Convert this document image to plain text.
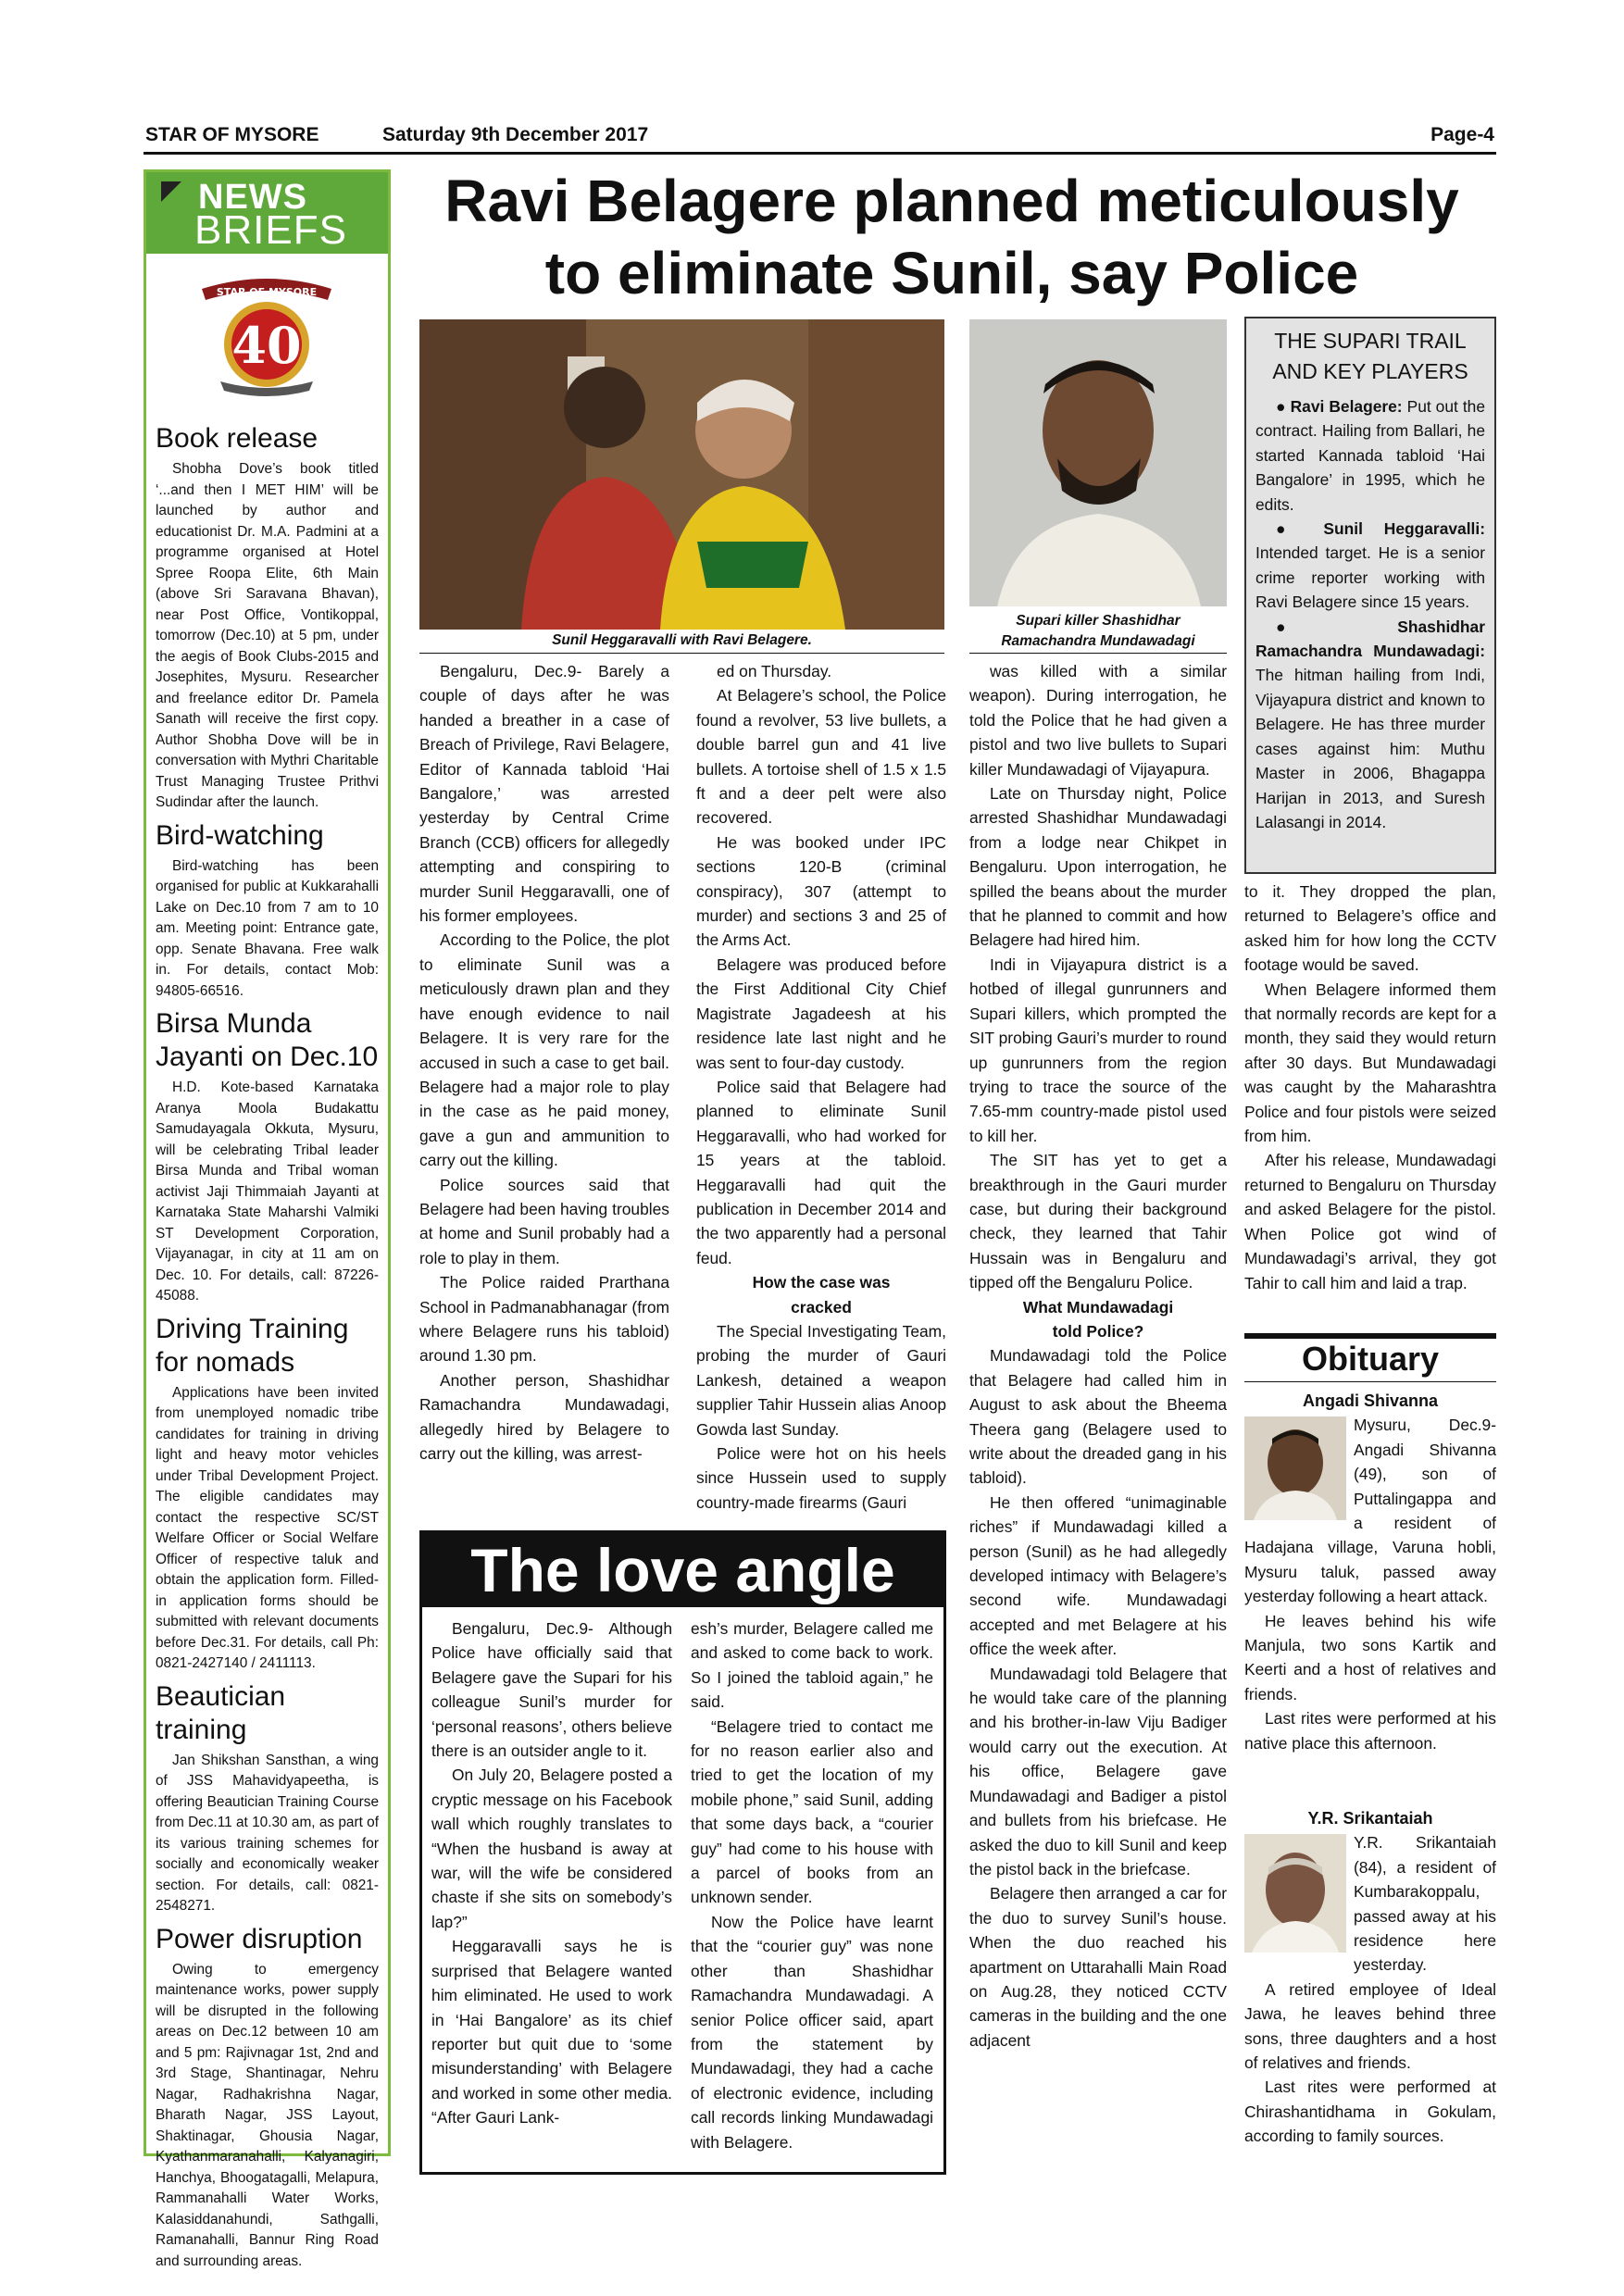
STAR OF MYSORE	Saturday 9th December 2017	Page-4
NEWS
BRIEFS
STAR OF MYSORE
40
Book release

Shobha Dove’s book titled ‘...and then I MET HIM’ will be launched by author and educationist Dr. M.A. Padmini at a programme organised at Hotel Spree Roopa Elite, 6th Main (above Sri Saravana Bhavan), near Post Office, Vontikoppal, tomorrow (Dec.10) at 5 pm, under the aegis of Book Clubs-2015 and Josephites, Mysuru. Researcher and freelance editor Dr. Pamela Sanath will receive the first copy. Author Shobha Dove will be in conversation with Mythri Charitable Trust Managing Trustee Prithvi Sudindar after the launch.

Bird-watching

Bird-watching has been organised for public at Kukkarahalli Lake on Dec.10 from 7 am to 10 am. Meeting point: Entrance gate, opp. Senate Bhavana. Free walk in. For details, contact Mob: 94805-66516.

Birsa Munda Jayanti on Dec.10

H.D. Kote-based Karnataka Aranya Moola Budakattu Samudayagala Okkuta, Mysuru, will be celebrating Tribal leader Birsa Munda and Tribal woman activist Jaji Thimmaiah Jayanti at Karnataka State Maharshi Valmiki ST Development Corporation, Vijayanagar, in city at 11 am on Dec. 10. For details, call: 87226-45088.

Driving Training for nomads

Applications have been invited from unemployed nomadic tribe candidates for training in driving light and heavy motor vehicles under Tribal Development Project. The eligible candidates may contact the respective SC/ST Welfare Officer or Social Welfare Officer of respective taluk and obtain the application form. Filled-in application forms should be submitted with relevant documents before Dec.31. For details, call Ph: 0821-2427140 / 2411113.

Beautician training

Jan Shikshan Sansthan, a wing of JSS Mahavidyapeetha, is offering Beautician Training Course from Dec.11 at 10.30 am, as part of its various training schemes for socially and economically weaker section. For details, call: 0821-2548271.

Power disruption

Owing to emergency maintenance works, power supply will be disrupted in the following areas on Dec.12 between 10 am and 5 pm: Rajivnagar 1st, 2nd and 3rd Stage, Shantinagar, Nehru Nagar, Radhakrishna Nagar, Bharath Nagar, JSS Layout, Shaktinagar, Ghousia Nagar, Kyathanmaranahalli, Kalyanagiri, Hanchya, Bhoogatagalli, Melapura, Rammanahalli Water Works, Kalasiddanahundi, Sathgalli, Ramanahalli, Bannur Ring Road and surrounding areas.

Ravi Belagere planned meticulously
to eliminate Sunil, say Police
Sunil Heggaravalli with Ravi Belagere.
Supari killer Shashidhar
Ramachandra Mundawadagi

Bengaluru, Dec.9- Barely a couple of days after he was handed a breather in a case of Breach of Privilege, Ravi Belagere, Editor of Kannada tabloid ‘Hai Bangalore,’ was arrested yesterday by Central Crime Branch (CCB) officers for allegedly attempting and conspiring to murder Sunil Heggaravalli, one of his former employees.

According to the Police, the plot to eliminate Sunil was a meticulously drawn plan and they have enough evidence to nail Belagere. It is very rare for the accused in such a case to get bail. Belagere had a major role to play in the case as he paid money, gave a gun and ammunition to carry out the killing.

Police sources said that Belagere had been having troubles at home and Sunil probably had a role to play in them.

The Police raided Prarthana School in Padmanabhanagar (from where Belagere runs his tabloid) around 1.30 pm.

Another person, Shashidhar Ramachandra Mundawadagi, allegedly hired by Belagere to carry out the killing, was arrest-

ed on Thursday.

At Belagere’s school, the Police found a revolver, 53 live bullets, a double barrel gun and 41 live bullets. A tortoise shell of 1.5 x 1.5 ft and a deer pelt were also recovered.

He was booked under IPC sections 120-B (criminal conspiracy), 307 (attempt to murder) and sections 3 and 25 of the Arms Act.

Belagere was produced before the First Additional City Chief Magistrate Jagadeesh at his residence late last night and he was sent to four-day custody.

Police said that Belagere had planned to eliminate Sunil Heggaravalli, who had worked for 15 years at the tabloid. Heggaravalli had quit the publication in December 2014 and the two apparently had a personal feud.

How the case was
cracked

The Special Investigating Team, probing the murder of Gauri Lankesh, detained a weapon supplier Tahir Hussein alias Anoop Gowda last Sunday.

Police were hot on his heels since Hussein used to supply country-made firearms (Gauri

was killed with a similar weapon). During interrogation, he told the Police that he had given a pistol and two live bullets to Supari killer Mundawadagi of Vijayapura.

Late on Thursday night, Police arrested Shashidhar Mundawadagi from a lodge near Chikpet in Bengaluru. Upon interrogation, he spilled the beans about the murder that he planned to commit and how Belagere had hired him.

Indi in Vijayapura district is a hotbed of illegal gunrunners and Supari killers, which prompted the SIT probing Gauri’s murder to round up gunrunners from the region trying to trace the source of the 7.65-mm country-made pistol used to kill her.

The SIT has yet to get a breakthrough in the Gauri murder case, but during their background check, they learned that Tahir Hussain was in Bengaluru and tipped off the Bengaluru Police.

What Mundawadagi
told Police?

Mundawadagi told the Police that Belagere had called him in August to ask about the Bheema Theera gang (Belagere used to write about the dreaded gang in his tabloid).

He then offered “unimaginable riches” if Mundawadagi killed a person (Sunil) as he had allegedly developed intimacy with Belagere’s second wife. Mundawadagi accepted and met Belagere at his office the week after.

Mundawadagi told Belagere that he would take care of the planning and his brother-in-law Viju Badiger would carry out the execution. At his office, Belagere gave Mundawadagi and Badiger a pistol and bullets from his briefcase. He asked the duo to kill Sunil and keep the pistol back in the briefcase.

Belagere then arranged a car for the duo to survey Sunil’s house. When the duo reached his apartment on Uttarahalli Main Road on Aug.28, they noticed CCTV cameras in the building and the one adjacent

THE SUPARI TRAIL
AND KEY PLAYERS

● Ravi Belagere: Put out the contract. Hailing from Ballari, he started Kannada tabloid ‘Hai Bangalore’ in 1995, which he edits.

● Sunil Heggaravalli: Intended target. He is a senior crime reporter working with Ravi Belagere since 15 years.

● Shashidhar Ramachandra Mundawadagi: The hitman hailing from Indi, Vijayapura district and known to Belagere. He has three murder cases against him: Muthu Master in 2006, Bhagappa Harijan in 2013, and Suresh Lalasangi in 2014.

to it. They dropped the plan, returned to Belagere’s office and asked him for how long the CCTV footage would be saved.

When Belagere informed them that normally records are kept for a month, they said they would return after 30 days. But Mundawadagi was caught by the Maharashtra Police and four pistols were seized from him.

After his release, Mundawadagi returned to Bengaluru on Thursday and asked Belagere for the pistol. When Police got wind of Mundawadagi’s arrival, they got Tahir to call him and laid a trap.

Obituary
Angadi Shivanna

Mysuru, Dec.9- Angadi Shivanna (49), son of Puttalingappa and a resident of Hadajana village, Varuna hobli, Mysuru taluk, passed away yesterday following a heart attack.

He leaves behind his wife Manjula, two sons Kartik and Keerti and a host of relatives and friends.

Last rites were performed at his native place this afternoon.

Y.R. Srikantaiah

Y.R. Srikantaiah (84), a resident of Kumbarakoppalu, passed away at his residence here yesterday.

A retired employee of Ideal Jawa, he leaves behind three sons, three daughters and a host of relatives and friends.

Last rites were performed at Chirashantidhama in Gokulam, according to family sources.

The love angle

Bengaluru, Dec.9- Although Police have officially said that Belagere gave the Supari for his colleague Sunil’s murder for ‘personal reasons’, others believe there is an outsider angle to it.

On July 20, Belagere posted a cryptic message on his Facebook wall which roughly translates to “When the husband is away at war, will the wife be considered chaste if she sits on somebody’s lap?”

Heggaravalli says he is surprised that Belagere wanted him eliminated. He used to work in ‘Hai Bangalore’ as its chief reporter but quit due to ‘some misunderstanding’ with Belagere and worked in some other media. “After Gauri Lank-

esh’s murder, Belagere called me and asked to come back to work. So I joined the tabloid again,” he said.

“Belagere tried to contact me for no reason earlier also and tried to get the location of my mobile phone,” said Sunil, adding that some days back, a “courier guy” had come to his house with a parcel of books from an unknown sender.

Now the Police have learnt that the “courier guy” was none other than Shashidhar Ramachandra Mundawadagi. A senior Police officer said, apart from the statement by Mundawadagi, they had a cache of electronic evidence, including call records linking Mundawadagi with Belagere.
